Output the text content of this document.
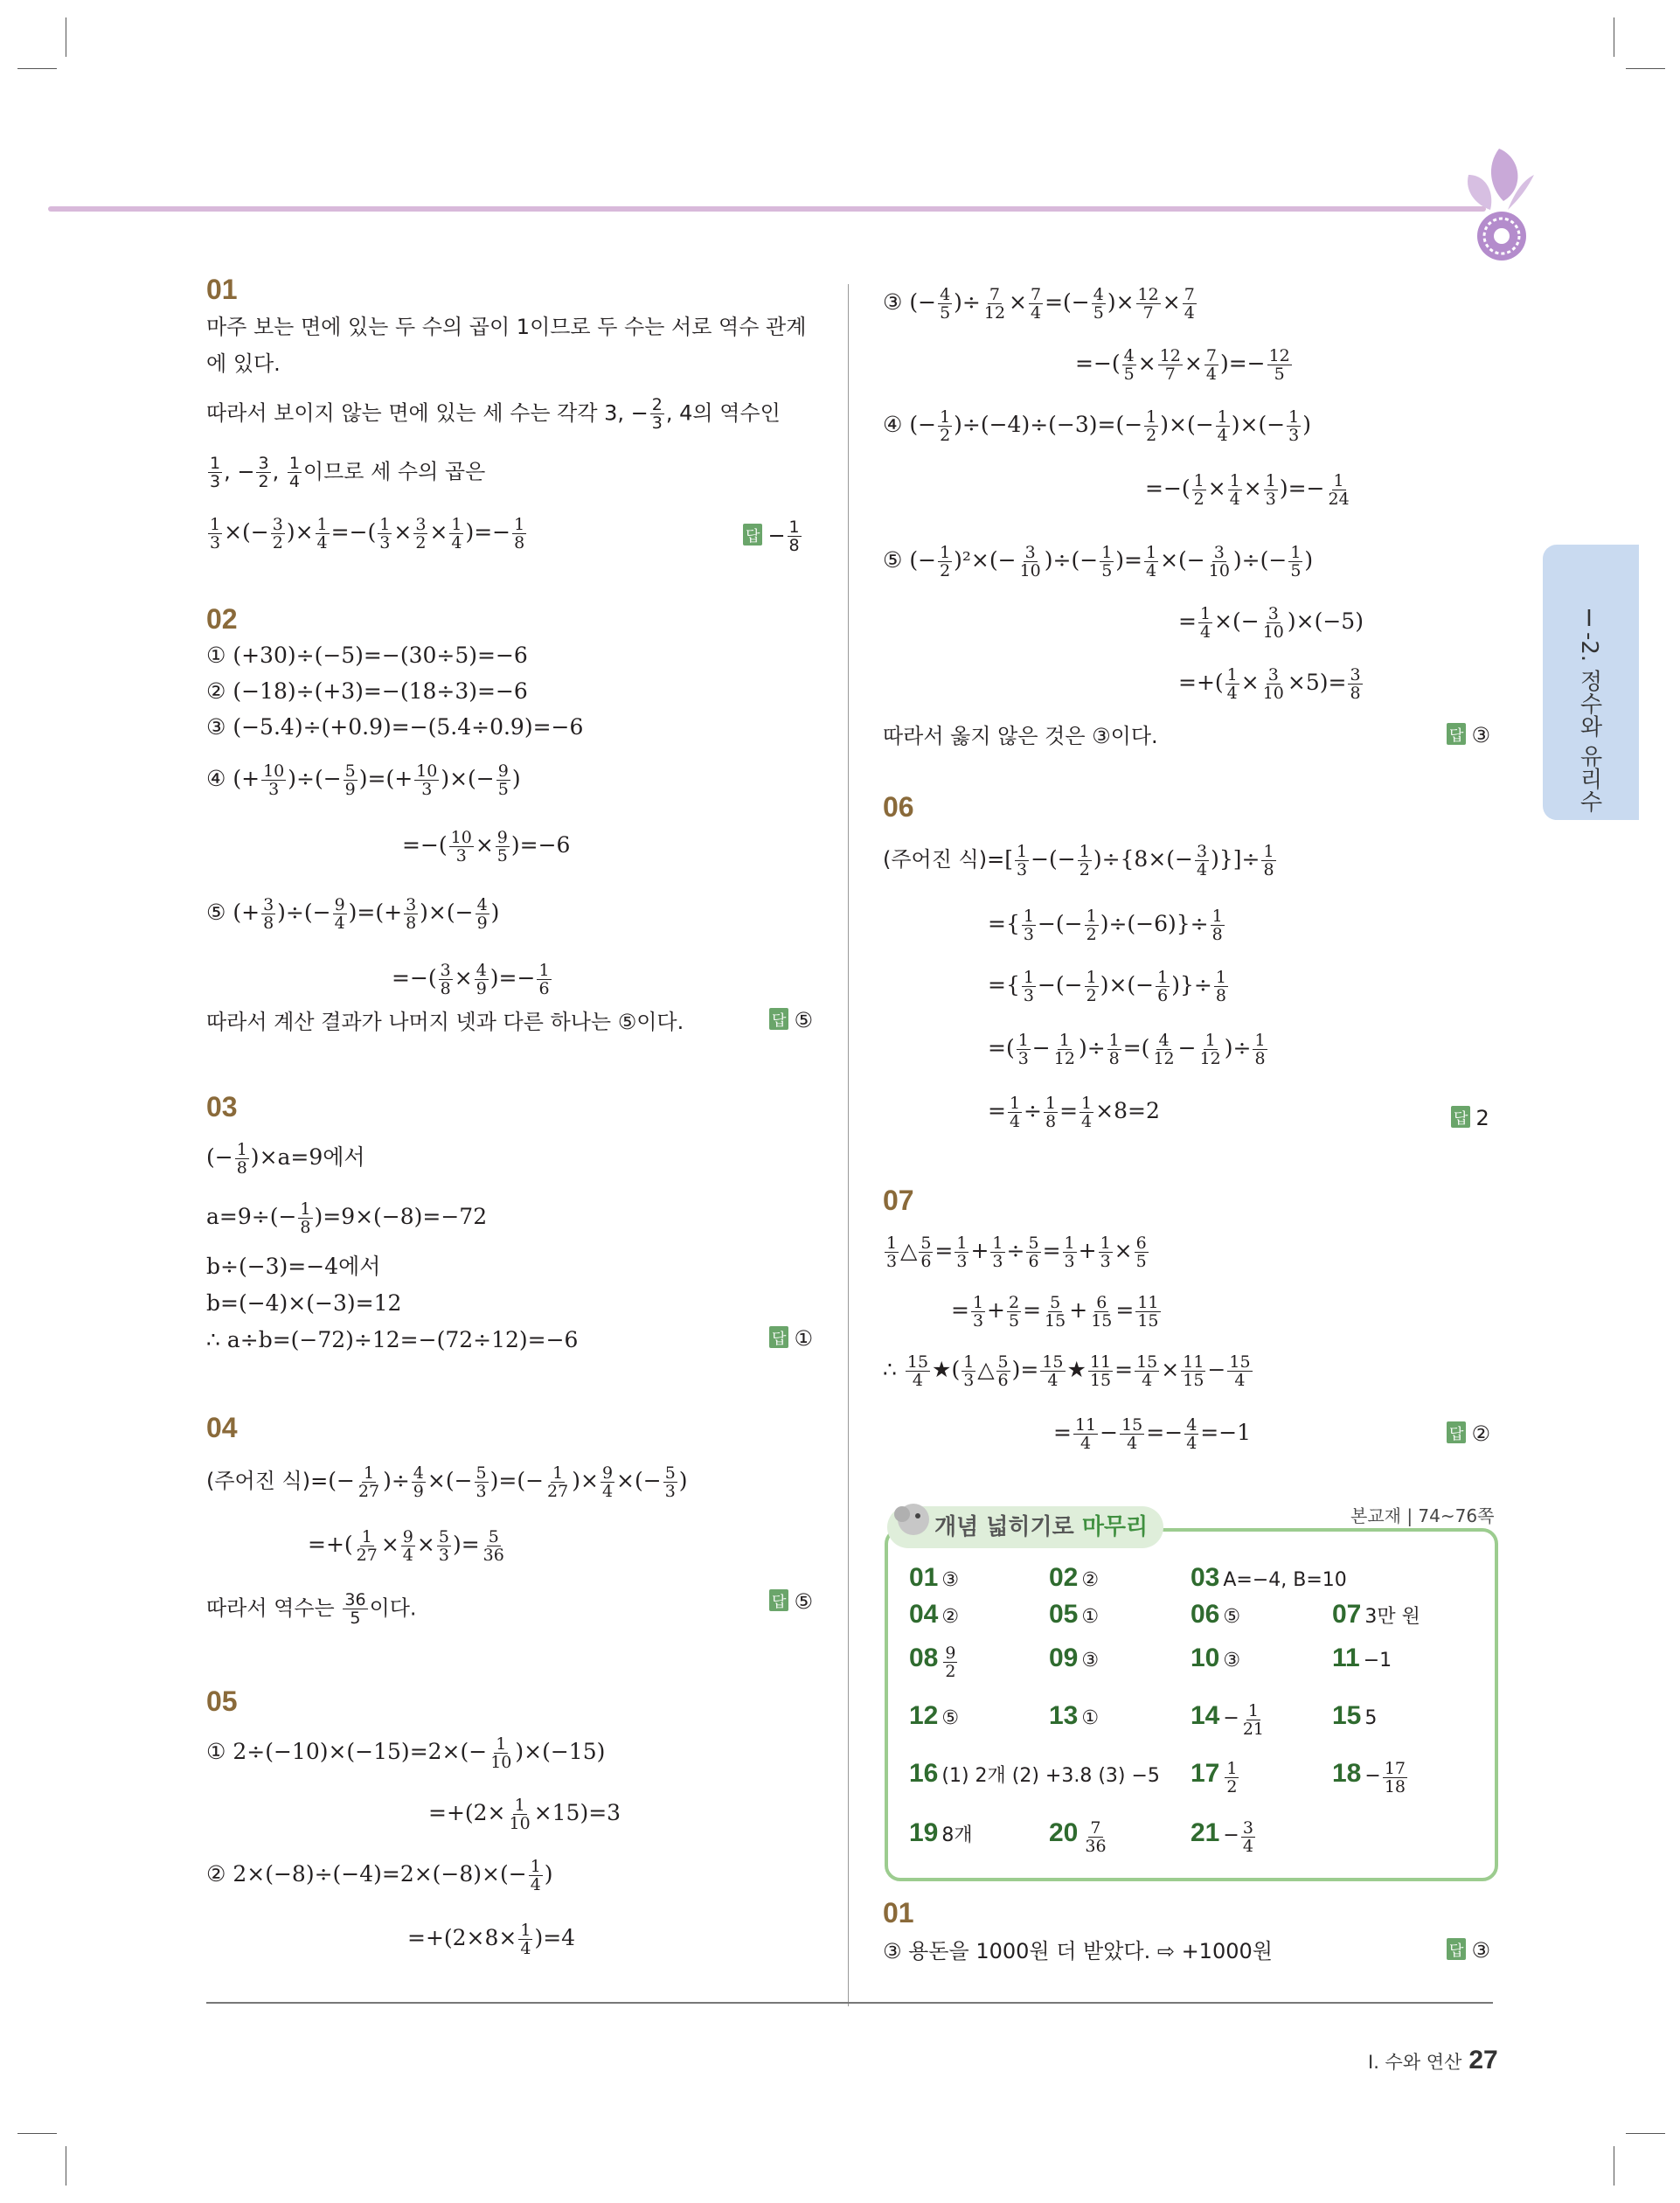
Ⅰ-2. 정수와 유리수
01
마주 보는 면에 있는 두 수의 곱이 1이므로 두 수는 서로 역수 관계
에 있다.
따라서 보이지 않는 면에 있는 세 수는 각각 3, − $\frac{2}{3}$ , 4의 역수인
$\frac{1}{3}$ , − $\frac{3}{2}$ , $\frac{1}{4}$ 이므로 세 수의 곱은
$\frac{1}{3}$ ×(− $\frac{3}{2}$ )× $\frac{1}{4}$ =−( $\frac{1}{3} \times \frac{3}{2} \times \frac{1}{4}$ )=− $\frac{1}{8}$	답 − $\frac{1}{8}$
02
① (+30)÷(−5)=−(30÷5)=−6
② (−18)÷(+3)=−(18÷3)=−6
③ (−5.4)÷(+0.9)=−(5.4÷0.9)=−6
④ (+ $\frac{10}{3}$ )÷(− $\frac{5}{9}$ )=(+ $\frac{10}{3}$ )×(− $\frac{9}{5}$ )
=−( $\frac{10}{3} \times \frac{9}{5} )=-6$
⑤ (+ $\frac{3}{8}$ )÷(− $\frac{9}{4}$ )=(+ $\frac{3}{8}$ )×(− $\frac{4}{9}$ )
=−( $\frac{3}{8} \times \frac{4}{9}$ )=− $\frac{1}{6}$
따라서 계산 결과가 나머지 넷과 다른 하나는 ⑤이다.	답 ⑤
03
(− $\frac{1}{8} )\times a=9$에서
$a=9\div(- \frac{1}{8} )=9\times(-8)=-72$
b÷(−3)=−4에서
b=(−4)×(−3)=12
∴ a÷b=(−72)÷12=−(72÷12)=−6	답 ①
04
(주어진 식)=(− $\frac{1}{27}$ )÷ $\frac{4}{9}$ ×(− $\frac{5}{3}$ )=(− $\frac{1}{27}$ )× $\frac{9}{4}$ ×(− $\frac{5}{3}$ )
=+( $\frac{1}{27} \times \frac{9}{4} \times \frac{5}{3}$ )= $\frac{5}{36}$
따라서 역수는 $\frac{36}{5}$ 이다.	답 ⑤
05
① $2\div(-10)\times(-15)=2\times(- \frac{1}{10} )\times(-15)$
$=+(2\times \frac{1}{10} \times 15)=3$
② $2\times(-8)\div(-4)=2\times(-8)\times(- \frac{1}{4}$ )
$=+(2\times 8\times \frac{1}{4} )=4$
③ (− $\frac{4}{5}$ )÷ $\frac{7}{12} \times \frac{7}{4}$ =(− $\frac{4}{5}$ )× $\frac{12}{7} \times \frac{7}{4}$
=−( $\frac{4}{5} \times \frac{12}{7} \times \frac{7}{4}$ )=− $\frac{12}{5}$
④ (− $\frac{1}{2} )\div(-4)\div(-3)=(- \frac{1}{2}$ )×(− $\frac{1}{4}$ )×(− $\frac{1}{3}$ )
=−( $\frac{1}{2} \times \frac{1}{4} \times \frac{1}{3}$ )=− $\frac{1}{24}$
⑤ (− $\frac{1}{2} )^2\times(- \frac{3}{10}$ )÷(− $\frac{1}{5}$ )= $\frac{1}{4}$ ×(− $\frac{3}{10}$ )÷(− $\frac{1}{5}$ )
= $\frac{1}{4}$ ×(− $\frac{3}{10} )\times(-5)$
=+( $\frac{1}{4} \times \frac{3}{10} \times 5)= \frac{3}{8}$
따라서 옳지 않은 것은 ③이다.	답 ③
06
(주어진 식)=[ $\frac{1}{3}$ −(− $\frac{1}{2} )\div\{8\times(- \frac{3}{4}$ )}]÷ $\frac{1}{8}$
={ $\frac{1}{3}$ −(− $\frac{1}{2} )\div(-6)\}\div \frac{1}{8}$
={ $\frac{1}{3}$ −(− $\frac{1}{2}$ )×(− $\frac{1}{6}$ )}÷ $\frac{1}{8}$
=( $\frac{1}{3} - \frac{1}{12}$ )÷ $\frac{1}{8}$ =( $\frac{4}{12} - \frac{1}{12}$ )÷ $\frac{1}{8}$
= $\frac{1}{4} \div \frac{1}{8} = \frac{1}{4} \times 8=2$	답 2
07
$\frac{1}{3}$ △ $\frac{5}{6} = \frac{1}{3} + \frac{1}{3} \div \frac{5}{6} = \frac{1}{3} + \frac{1}{3} \times \frac{6}{5}$
= $\frac{1}{3} + \frac{2}{5} = \frac{5}{15} + \frac{6}{15} = \frac{11}{15}$
∴ $\frac{15}{4}$ ★( $\frac{1}{3}$ △ $\frac{5}{6}$ )= $\frac{15}{4}$ ★ $\frac{11}{15} = \frac{15}{4} \times \frac{11}{15} - \frac{15}{4}$
= $\frac{11}{4} - \frac{15}{4} =- \frac{4}{4} =-1$	답 ②
본교재 | 74~76쪽
개념 넓히기로 마무리
01 ③	02 ②	03 A=−4, B=10
04 ②	05 ①	06 ⑤	07 3만 원
$08 \frac{9}{2}$	09 ③	10 ③	11 −1
12 ⑤	13 ①	$14 - \frac{1}{21}$	15 5
16 (1) 2개 (2) +3.8 (3) −5 $17 \frac{1}{2}$	$18 - \frac{17}{18}$
19 8개	$20 \frac{7}{36}$	$21 - \frac{3}{4}$
01
③ 용돈을 1000원 더 받았다. ⇨ +1000원	답 ③
Ⅰ. 수와 연산 27
